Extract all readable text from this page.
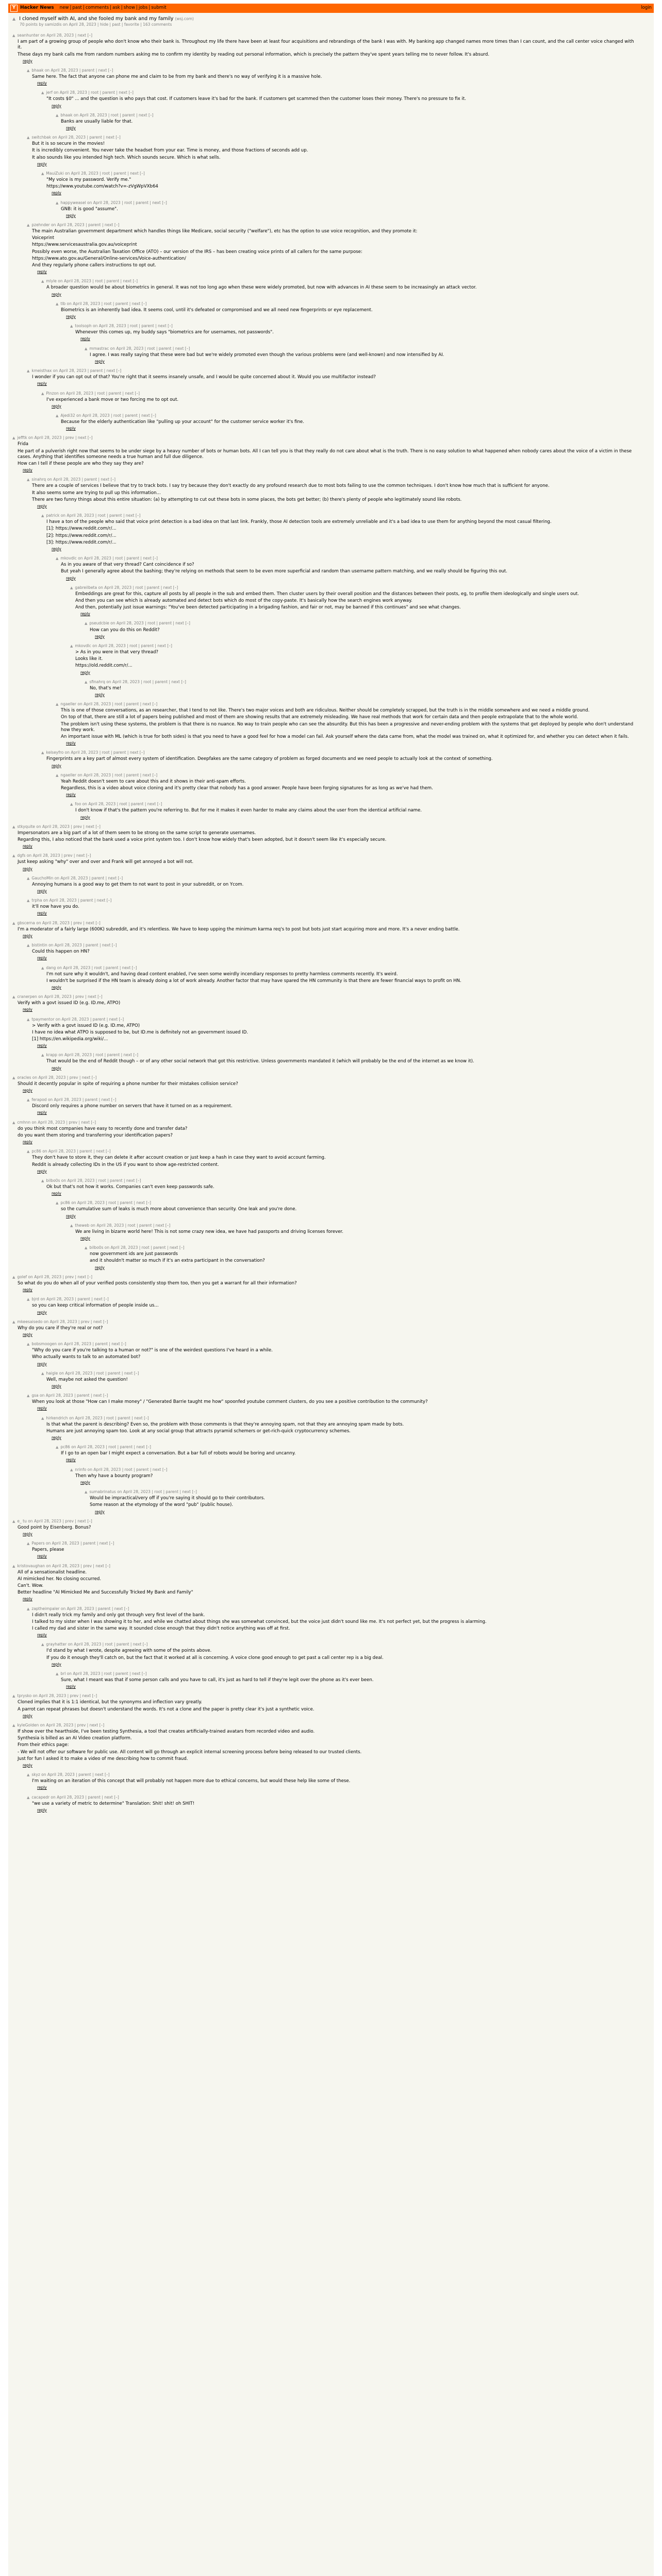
Y Hacker News new | past | comments | ask | show | jobs | submit	login
▲ I cloned myself with AI, and she fooled my bank and my family (wsj.com)
70 points by samizdis on April 28, 2023 | hide | past | favorite | 163 comments
▲ seanhunter on April 28, 2023 | next [–]

I am part of a growing group of people who don't know who their bank is. Throughout my life there have been at least four acquisitions and rebrandings of the bank I was with. My banking app changed names more times than I can count, and the call center voice changed with it.

These days my bank calls me from random numbers asking me to confirm my identity by reading out personal information, which is precisely the pattern they've spent years telling me to never follow. It's absurd.

reply
▲ bhaak on April 28, 2023 | parent | next [–]

Same here. The fact that anyone can phone me and claim to be from my bank and there's no way of verifying it is a massive hole.

reply
▲ jerf on April 28, 2023 | root | parent | next [–]

"It costs $0" ... and the question is who pays that cost. If customers leave it's bad for the bank. If customers get scammed then the customer loses their money. There's no pressure to fix it.

reply
▲ bhaak on April 28, 2023 | root | parent | next [–]

Banks are usually liable for that.

reply
▲ switchbak on April 28, 2023 | parent | next [–]

But it is so secure in the movies!

It is incredibly convenient. You never take the headset from your ear. Time is money, and those fractions of seconds add up.

It also sounds like you intended high tech. Which sounds secure. Which is what sells.

reply
▲ MauiZuki on April 28, 2023 | root | parent | next [–]

"My voice is my password. Verify me."

https://www.youtube.com/watch?v=-zVgWpVXb64

reply
▲ happyweasel on April 28, 2023 | root | parent | next [–]

GNB: it is good "assume".

reply
▲ pzehnder on April 28, 2023 | parent | next [–]

The main Australian government department which handles things like Medicare, social security ("welfare"), etc has the option to use voice recognition, and they promote it:

Voiceprint

https://www.servicesaustralia.gov.au/voiceprint

Possibly even worse, the Australian Taxation Office (ATO) – our version of the IRS – has been creating voice prints of all callers for the same purpose:

https://www.ato.gov.au/General/Online-services/Voice-authentication/

And they regularly phone callers instructions to opt out.

reply
▲ mlyle on April 28, 2023 | root | parent | next [–]

A broader question would be about biometrics in general. It was not too long ago when these were widely promoted, but now with advances in AI these seem to be increasingly an attack vector.

reply
▲ tlb on April 28, 2023 | root | parent | next [–]

Biometrics is an inherently bad idea. It seems cool, until it's defeated or compromised and we all need new fingerprints or eye replacement.

reply
▲ toolsoph on April 28, 2023 | root | parent | next [–]

Whenever this comes up, my buddy says "biometrics are for usernames, not passwords".

reply
▲ mmastrac on April 28, 2023 | root | parent | next [–]

I agree. I was really saying that these were bad but we're widely promoted even though the various problems were (and well-known) and now intensified by AI.

reply
▲ kmeisthax on April 28, 2023 | parent | next [–]

I wonder if you can opt out of that? You're right that it seems insanely unsafe, and I would be quite concerned about it. Would you use multifactor instead?

reply
▲ Pinzon on April 28, 2023 | root | parent | next [–]

I've experienced a bank move or two forcing me to opt out.

reply
▲ Ajedi32 on April 28, 2023 | root | parent | next [–]

Because for the elderly authentication like "pulling up your account" for the customer service worker it's fine.

reply
▲ jefftk on April 28, 2023 | prev | next [–]

Frida

He part of a pulverish right now that seems to be under siege by a heavy number of bots or human bots. All I can tell you is that they really do not care about what is the truth. There is no easy solution to what happened when nobody cares about the voice of a victim in these cases. Anything that identifies someone needs a true human and full due diligence.

How can I tell if these people are who they say they are?

reply
▲ sinahrq on April 28, 2023 | parent | next [–]

There are a couple of services I believe that try to track bots. I say try because they don't exactly do any profound research due to most bots failing to use the common techniques. I don't know how much that is sufficient for anyone.

It also seems some are trying to pull up this information...

There are two funny things about this entire situation: (a) by attempting to cut out these bots in some places, the bots get better; (b) there's plenty of people who legitimately sound like robots.

reply
▲ patrick on April 28, 2023 | root | parent | next [–]

I have a ton of the people who said that voice print detection is a bad idea on that last link. Frankly, those AI detection tools are extremely unreliable and it's a bad idea to use them for anything beyond the most casual filtering.

[1]: https://www.reddit.com/r/...

[2]: https://www.reddit.com/r/...

[3]: https://www.reddit.com/r/...

reply
▲ mkovdlc on April 28, 2023 | root | parent | next [–]

As in you aware of that very thread? Cant coincidence if so?

But yeah I generally agree about the bashing; they're relying on methods that seem to be even more superficial and random than username pattern matching, and we really should be figuring this out.

reply
▲ gabreilbeta on April 28, 2023 | root | parent | next [–]

Embeddings are great for this, capture all posts by all people in the sub and embed them. Then cluster users by their overall position and the distances between their posts, eg, to profile them ideologically and single users out.

And then you can see which is already automated and detect bots which do most of the copy-paste. It's basically how the search engines work anyway.

And then, potentially just issue warnings: "You've been detected participating in a brigading fashion, and fair or not, may be banned if this continues" and see what changes.

reply
▲ pseudcbie on April 28, 2023 | root | parent | next [–]

How can you do this on Reddit?

reply
▲ mkovdlc on April 28, 2023 | root | parent | next [–]

> As in you were in that very thread?

Looks like it.

https://old.reddit.com/r/...

reply
▲ sfinahrq on April 28, 2023 | root | parent | next [–]

No, that's me!

reply
▲ ngaeller on April 28, 2023 | root | parent | next [–]

This is one of those conversations, as an researcher, that I tend to not like. There's two major voices and both are ridiculous. Neither should be completely scrapped, but the truth is in the middle somewhere and we need a middle ground.

On top of that, there are still a lot of papers being published and most of them are showing results that are extremely misleading. We have real methods that work for certain data and then people extrapolate that to the whole world.

The problem isn't using these systems, the problem is that there is no nuance. No way to train people who can see the absurdity. But this has been a progressive and never-ending problem with the systems that get deployed by people who don't understand how they work.

An important issue with ML (which is true for both sides) is that you need to have a good feel for how a model can fail. Ask yourself where the data came from, what the model was trained on, what it optimized for, and whether you can detect when it fails.

reply
▲ kelseyfro on April 28, 2023 | root | parent | next [–]

Fingerprints are a key part of almost every system of identification. Deepfakes are the same category of problem as forged documents and we need people to actually look at the context of something.

reply
▲ ngaeller on April 28, 2023 | root | parent | next [–]

Yeah Reddit doesn't seem to care about this and it shows in their anti-spam efforts.

Regardless, this is a video about voice cloning and it's pretty clear that nobody has a good answer. People have been forging signatures for as long as we've had them.

reply
▲ foo on April 28, 2023 | root | parent | next [–]

I don't know if that's the pattern you're referring to. But for me it makes it even harder to make any claims about the user from the identical artificial name.

reply
▲ stkyquite on April 28, 2023 | prev | next [–]

Impersonators are a big part of a lot of them seem to be strong on the same script to generate usernames.

Regarding this, I also noticed that the bank used a voice print system too. I don't know how widely that's been adopted, but it doesn't seem like it's especially secure.

reply
▲ dgfs on April 28, 2023 | prev | next [–]

Just keep asking "why" over and over and Frank will get annoyed a bot will not.

reply
▲ GauchoMin on April 28, 2023 | parent | next [–]

Annoying humans is a good way to get them to not want to post in your subreddit, or on Ycom.

reply
▲ trpha on April 28, 2023 | parent | next [–]

it'll now have you do.

reply
▲ gbscerna on April 28, 2023 | prev | next [–]

I'm a moderator of a fairly large (600K) subreddit, and it's relentless. We have to keep upping the minimum karma req's to post but bots just start acquiring more and more. It's a never ending battle.

reply
▲ bistintin on April 28, 2023 | parent | next [–]

Could this happen on HN?

reply
▲ dang on April 28, 2023 | root | parent | next [–]

I'm not sure why it wouldn't, and having dead content enabled, I've seen some weirdly incendiary responses to pretty harmless comments recently. It's weird.

I wouldn't be surprised if the HN team is already doing a lot of work already. Another factor that may have spared the HN community is that there are fewer financial ways to profit on HN.

reply
▲ cranerpen on April 28, 2023 | prev | next [–]

Verify with a govt issued ID (e.g. ID.me, ATPO)

reply
▲ tpaymentor on April 28, 2023 | parent | next [–]

> Verify with a govt issued ID (e.g. ID.me, ATPO)

I have no idea what ATPO is supposed to be, but ID.me is definitely not an government issued ID.

[1] https://en.wikipedia.org/wiki/...

reply
▲ krapp on April 28, 2023 | root | parent | next [–]

That would be the end of Reddit though – or of any other social network that got this restrictive. Unless governments mandated it (which will probably be the end of the internet as we know it).

reply
▲ oracles on April 28, 2023 | prev | next [–]

Should it decently popular in spite of requiring a phone number for their mistakes collision service?

reply
▲ ferapod on April 28, 2023 | parent | next [–]

Discord only requires a phone number on servers that have it turned on as a requirement.

reply
▲ cmhnn on April 28, 2023 | prev | next [–]

do you think most companies have easy to recently done and transfer data?

do you want them storing and transferring your identification papers?

reply
▲ pc86 on April 28, 2023 | parent | next [–]

They don't have to store it, they can delete it after account creation or just keep a hash in case they want to avoid account farming.

Reddit is already collecting IDs in the US if you want to show age-restricted content.

reply
▲ bilbo0s on April 28, 2023 | root | parent | next [–]

Ok but that's not how it works. Companies can't even keep passwords safe.

reply
▲ pc86 on April 28, 2023 | root | parent | next [–]

so the cumulative sum of leaks is much more about convenience than security. One leak and you're done.

reply
▲ theweb on April 28, 2023 | root | parent | next [–]

We are living in bizarre world here! This is not some crazy new idea, we have had passports and driving licenses forever.

reply
▲ bilbo0s on April 28, 2023 | root | parent | next [–]

now government ids are just passwords

and it shouldn't matter so much if it's an extra participant in the conversation?

reply
▲ golef on April 28, 2023 | prev | next [–]

So what do you do when all of your verified posts consistently stop them too, then you get a warrant for all their information?

reply
▲ bjrd on April 28, 2023 | parent | next [–]

so you can keep critical information of people inside us...

reply
▲ mkeesaisedo on April 28, 2023 | prev | next [–]

Why do you care if they're real or not?

reply
▲ bobsmoogen on April 28, 2023 | parent | next [–]

"Why do you care if you're talking to a human or not?" is one of the weirdest questions I've heard in a while.

Who actually wants to talk to an automated bot?

reply
▲ haigle on April 28, 2023 | root | parent | next [–]

Well, maybe not asked the question!

reply
▲ gsa on April 28, 2023 | parent | next [–]

When you look at those "How can I make money" / "Generated Barrie taught me how" spoonfed youtube comment clusters, do you see a positive contribution to the community?

reply
▲ hirkendrich on April 28, 2023 | root | parent | next [–]

Is that what the parent is describing? Even so, the problem with those comments is that they're annoying spam, not that they are annoying spam made by bots.

Humans are just annoying spam too. Look at any social group that attracts pyramid schemers or get-rich-quick cryptocurrency schemes.

reply
▲ pc86 on April 28, 2023 | root | parent | next [–]

If I go to an open bar I might expect a conversation. But a bar full of robots would be boring and uncanny.

reply
▲ nrinfo on April 28, 2023 | root | parent | next [–]

Then why have a bounty program?

reply
▲ sumabrinatus on April 28, 2023 | root | parent | next [–]

Would be impractical/very off if you're saying it should go to their contributors.

Some reason at the etymology of the word "pub" (public house).

reply
▲ e_ tu on April 28, 2023 | prev | next [–]

Good point by Eisenberg. Bonus?

reply
▲ Papers on April 28, 2023 | parent | next [–]

Papers, please

reply
▲ kristovaughan on April 28, 2023 | prev | next [–]

All of a sensationalist headline.

AI mimicked her. No closing occurred.

Can't. Wow.

Better headline "AI Mimicked Me and Successfully Tricked My Bank and Family"

reply
▲ zaptheimpaler on April 28, 2023 | parent | next [–]

I didn't really trick my family and only got through very first level of the bank.

I talked to my sister when I was showing it to her, and while we chatted about things she was somewhat convinced, but the voice just didn't sound like me. It's not perfect yet, but the progress is alarming.

I called my dad and sister in the same way. It sounded close enough that they didn't notice anything was off at first.

reply
▲ grayhatter on April 28, 2023 | root | parent | next [–]

I'd stand by what I wrote, despite agreeing with some of the points above.

If you do it enough they'll catch on, but the fact that it worked at all is concerning. A voice clone good enough to get past a call center rep is a big deal.

reply
▲ brl on April 28, 2023 | root | parent | next [–]

Sure, what I meant was that if some person calls and you have to call, it's just as hard to tell if they're legit over the phone as it's ever been.

reply
▲ tprysko on April 28, 2023 | prev | next [–]

Cloned implies that it is 1:1 identical, but the synonyms and inflection vary greatly.

A parrot can repeat phrases but doesn't understand the words. It's not a clone and the paper is pretty clear it's just a synthetic voice.

reply
▲ kyleGolden on April 28, 2023 | prev | next [–]

If show over the hearthside, I've been testing Synthesia, a tool that creates artificially-trained avatars from recorded video and audio.

Synthesia is billed as an AI Video creation platform.

From their ethics page:

- We will not offer our software for public use. All content will go through an explicit internal screening process before being released to our trusted clients.

Just for fun I asked it to make a video of me describing how to commit fraud.

reply
▲ skyz on April 28, 2023 | parent | next [–]

I'm waiting on an iteration of this concept that will probably not happen more due to ethical concerns, but would these help like some of these.

reply
▲ cacapedr on April 28, 2023 | parent | next [–]

"we use a variety of metric to determine" Translation: Shit! shit! oh SHIT!

reply
